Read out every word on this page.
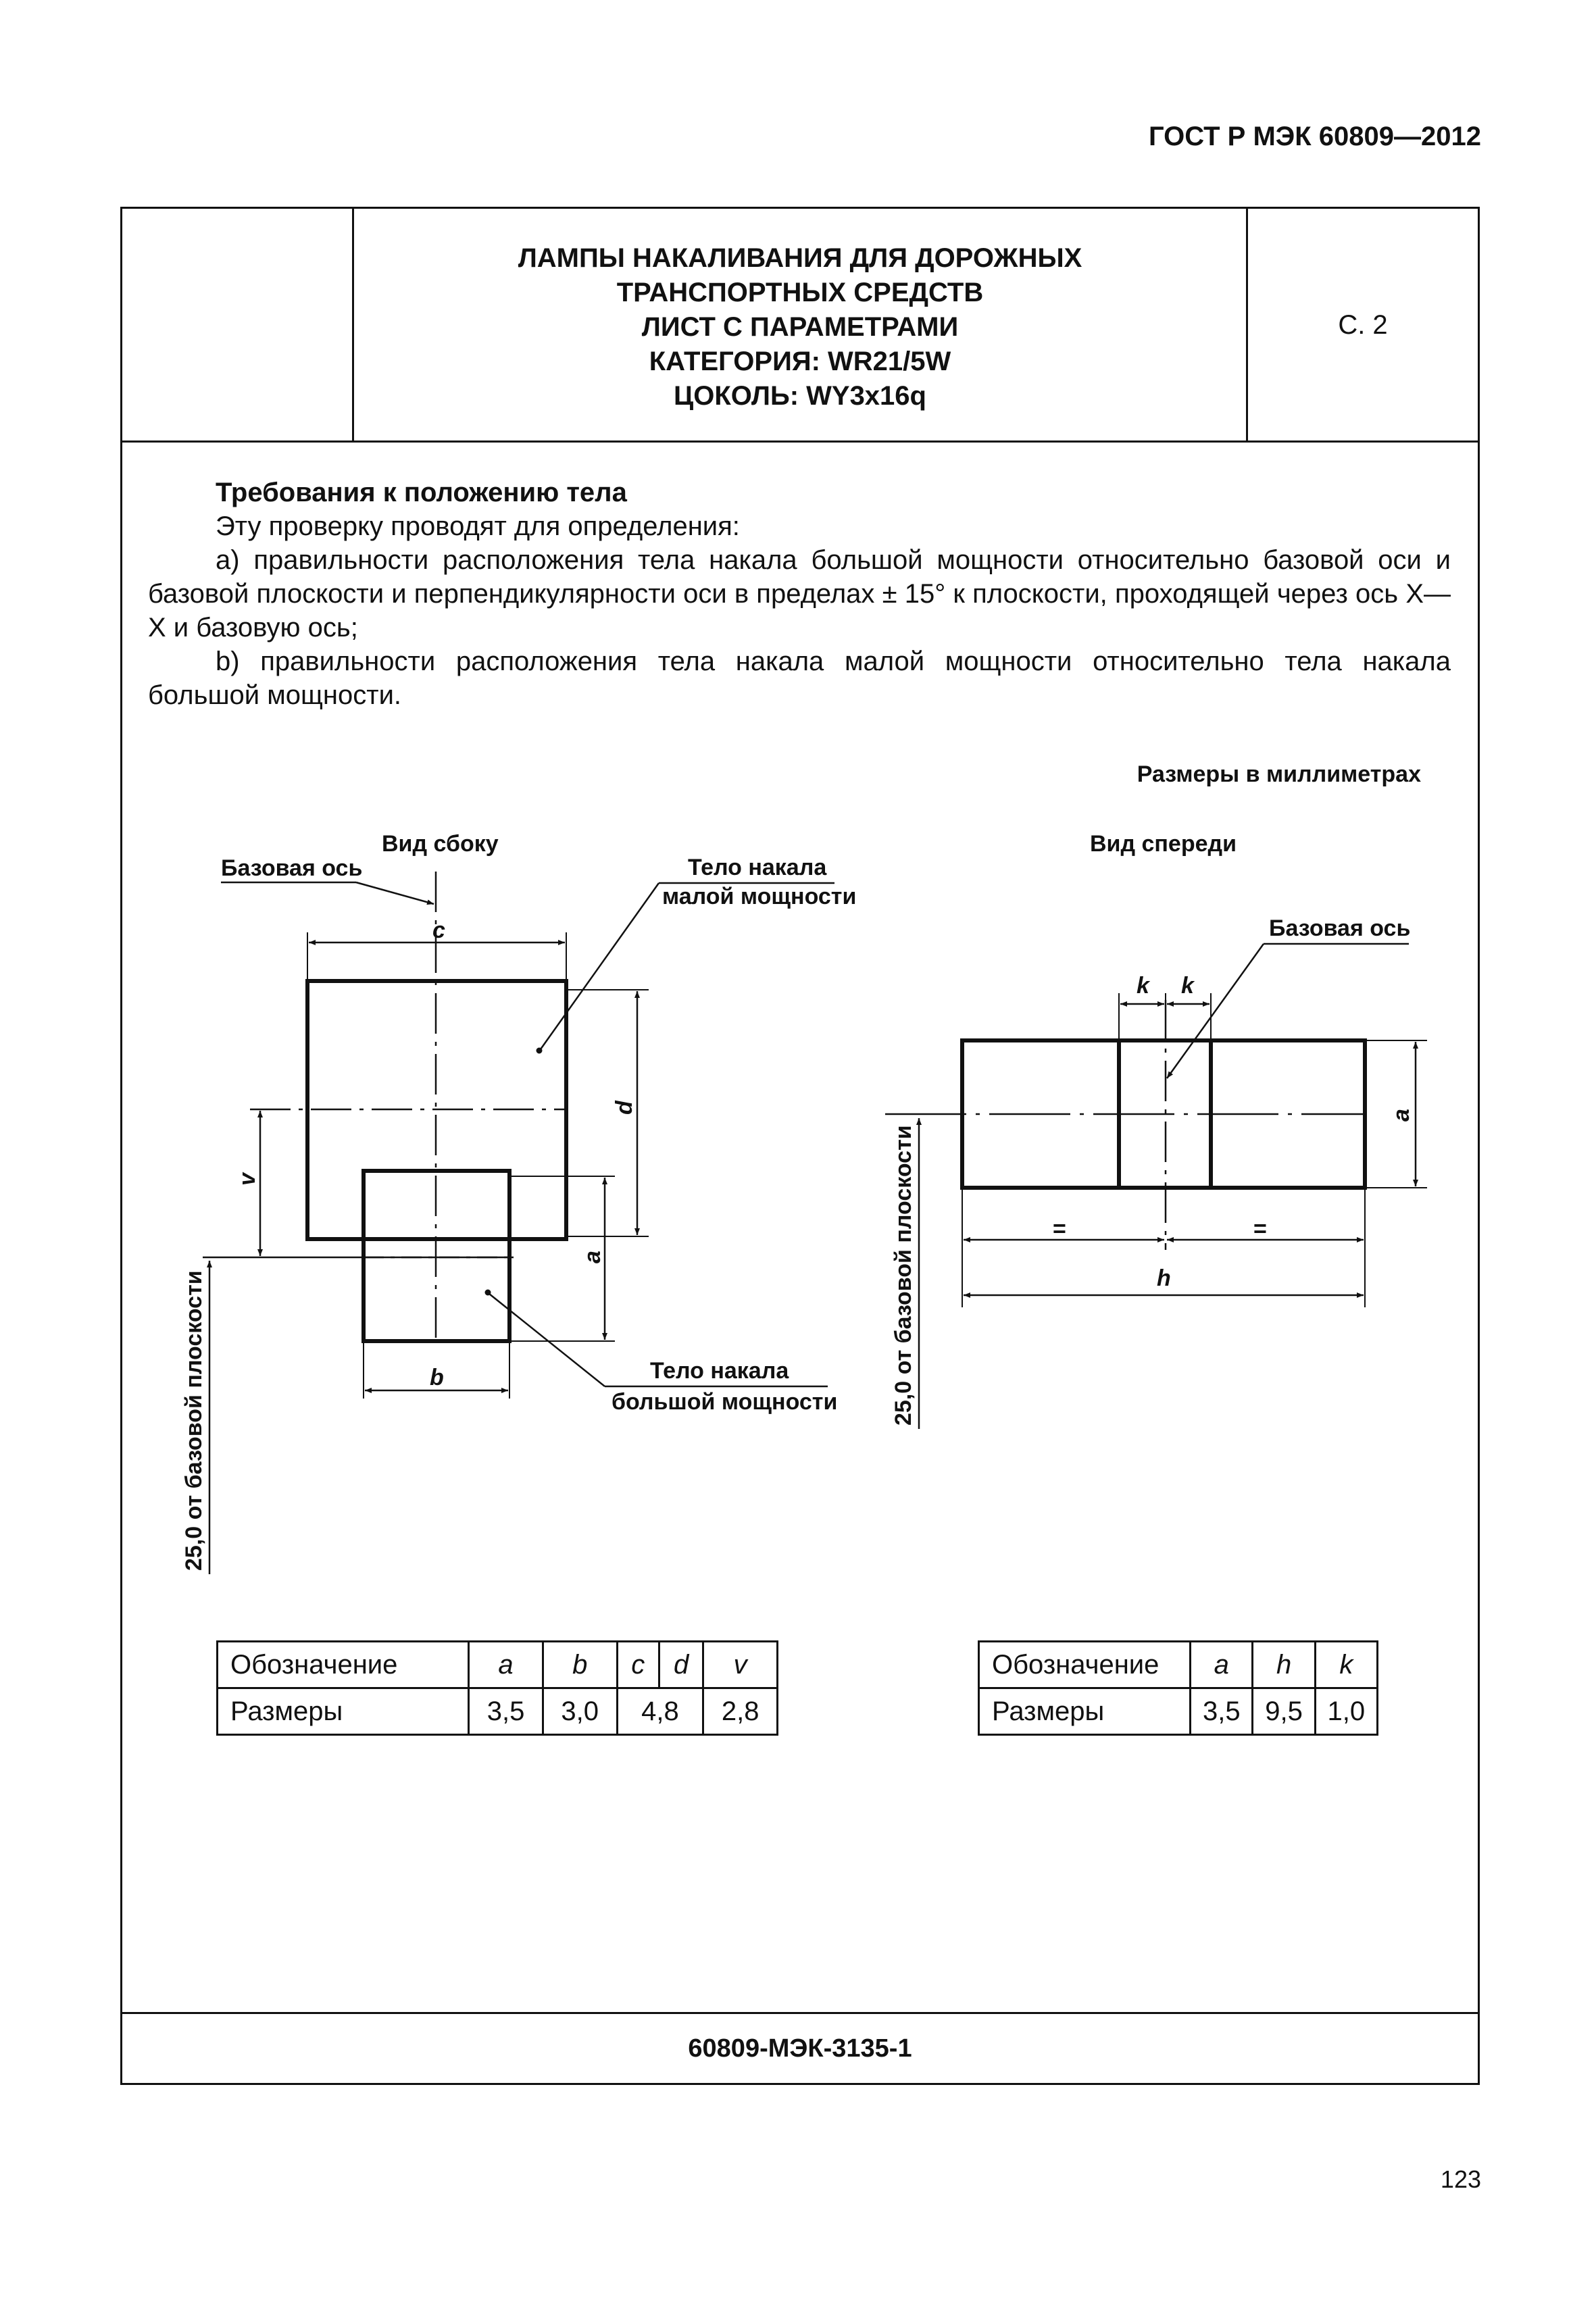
ГОСТ Р МЭК 60809—2012
ЛАМПЫ НАКАЛИВАНИЯ ДЛЯ ДОРОЖНЫХ
ТРАНСПОРТНЫХ СРЕДСТВ
ЛИСТ С ПАРАМЕТРАМИ
КАТЕГОРИЯ: WR21/5W
ЦОКОЛЬ: WY3x16q
С. 2

Требования к положению тела

Эту проверку проводят для определения:

а) правильности расположения тела накала большой мощности относительно базовой оси и базовой плоскости и перпендикулярности оси в пределах ± 15° к плоскости, проходящей через ось X—X и базовую ось;

b) правильности расположения тела накала малой мощности относительно тела накала большой мощности.

Размеры в миллиметрах
60809-МЭК-3135-1
Вид сбоку
Базовая ось
c
d
a
v
b
25,0 от базовой плоскости
Тело накала
малой мощности
Тело накала
большой мощности
Вид спереди
Базовая ось
k k
a
=	=
h
25,0 от базовой плоскости
Обозначение	a	b	c	d	v
Размеры	3,5	3,0	4,8		2,8
Обозначение	a	h	k
Размеры	3,5	9,5	1,0
123
